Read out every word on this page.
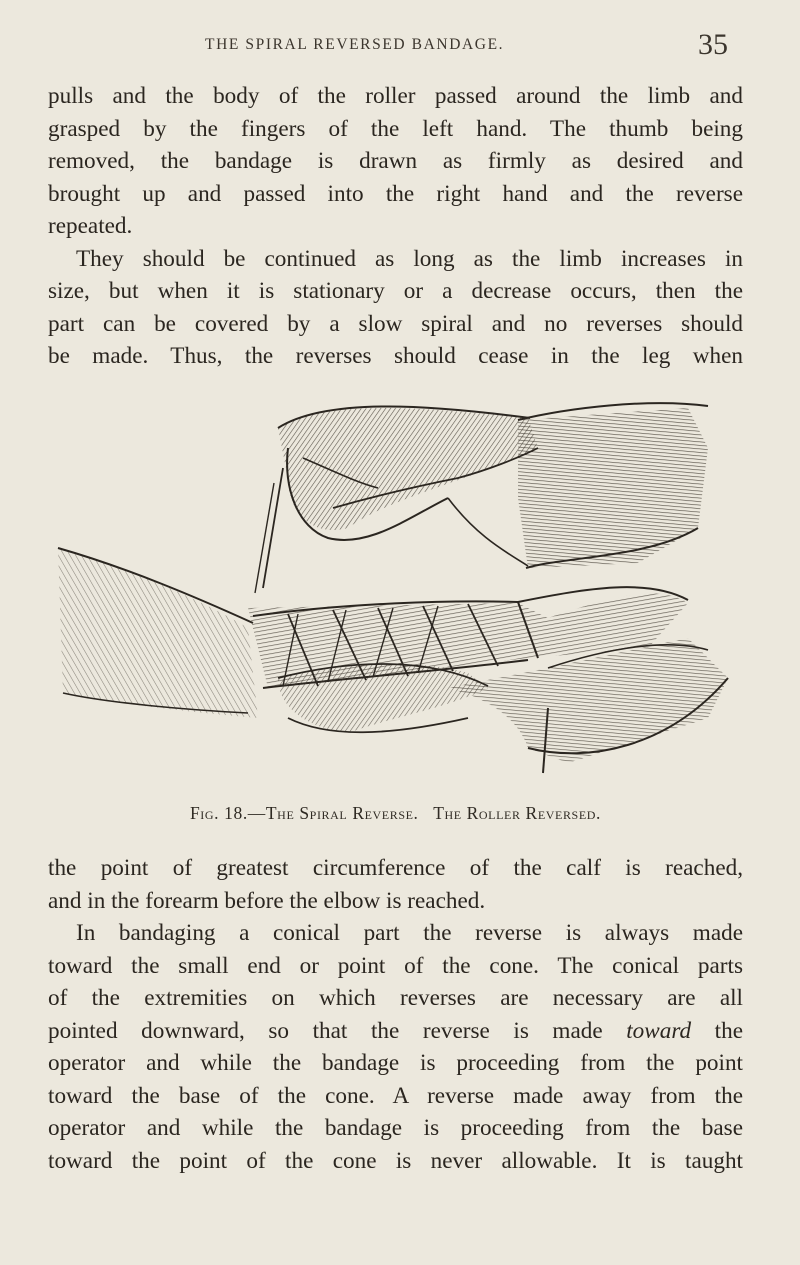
THE SPIRAL REVERSED BANDAGE.	35

pulls and the body of the roller passed around the limb and

grasped by the fingers of the left hand. The thumb being

removed, the bandage is drawn as firmly as desired and

brought up and passed into the right hand and the reverse

repeated.

They should be continued as long as the limb increases in

size, but when it is stationary or a decrease occurs, then the

part can be covered by a slow spiral and no reverses should

be made. Thus, the reverses should cease in the leg when

Fig. 18.—The Spiral Reverse. The Roller Reversed.

the point of greatest circumference of the calf is reached,

and in the forearm before the elbow is reached.

In bandaging a conical part the reverse is always made

toward the small end or point of the cone. The conical parts

of the extremities on which reverses are necessary are all

pointed downward, so that the reverse is made toward the

operator and while the bandage is proceeding from the point

toward the base of the cone. A reverse made away from the

operator and while the bandage is proceeding from the base

toward the point of the cone is never allowable. It is taught
